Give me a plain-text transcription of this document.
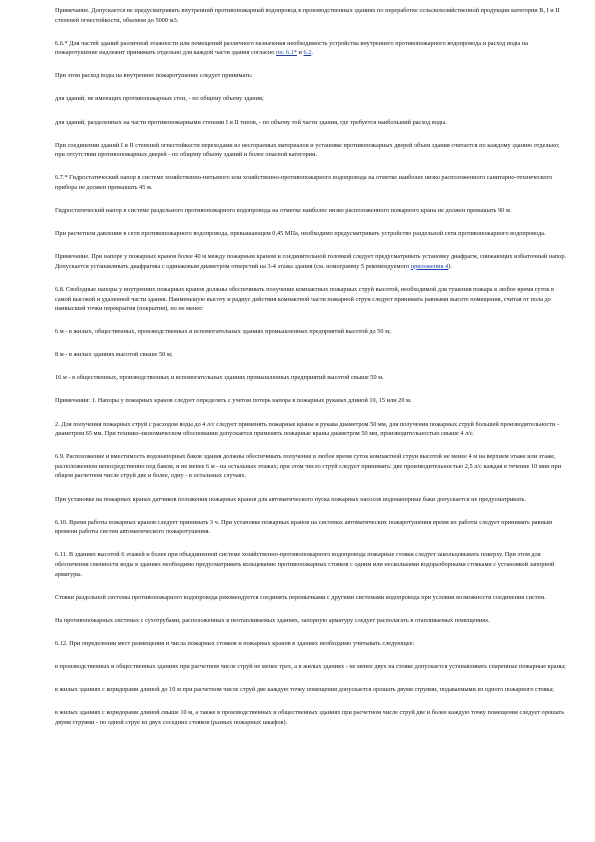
Примечание. Допускается не предусматривать внутренний противопожарный водопровод в производственных зданиях по переработке сельскохозяйственной продукции категории В, I и II степеней огнестойкости, объемом до 5000 м3.

6.6.* Для частей зданий различной этажности или помещений различного назначения необходимость устройства внутреннего противопожарного водопровода и расход воды на пожаротушение надлежит принимать отдельно для каждой части здания согласно пп. 6.1* и 6.2.

При этом расход воды на внутреннее пожаротушение следует принимать:

для зданий, не имеющих противопожарных стен, - по общему объему здания;

для зданий, разделенных на части противопожарными стенами I и II типов, - по объему той части здания, где требуется наибольший расход воды.

При соединении зданий I и II степеней огнестойкости переходами из несгораемых материалов и установке противопожарных дверей объем здания считается по каждому зданию отдельно; при отсутствии противопожарных дверей - по общему объему зданий и более опасной категории.

6.7.* Гидростатический напор в системе хозяйственно-питьевого или хозяйственно-противопожарного водопровода на отметке наиболее низко расположенного санитарно-технического прибора не должен превышать 45 м.

Гидростатический напор в системе раздельного противопожарного водопровода на отметке наиболее низко расположенного пожарного крана не должен превышать 90 м.

При расчетном давлении в сети противопожарного водопровода, превышающем 0,45 МПа, необходимо предусматривать устройство раздельной сети противопожарного водопровода.

Примечание. При напоре у пожарных кранов более 40 м между пожарным краном и соединительной головкой следует предусматривать установку диафрагм, снижающих избыточный напор. Допускается устанавливать диафрагмы с одинаковым диаметром отверстий на 3-4 этажа здания (см. номограмму 5 рекомендуемого приложения 4).

6.8. Свободные напоры у внутренних пожарных кранов должны обеспечивать получение компактных пожарных струй высотой, необходимой для тушения пожара в любое время суток в самой высокой и удаленной части здания. Наименьшую высоту и радиус действия компактной части пожарной струи следует принимать равными высоте помещения, считая от пола до наивысшей точки перекрытия (покрытия), но не менее:

6 м - в жилых, общественных, производственных и вспомогательных зданиях промышленных предприятий высотой до 50 м;

8 м - в жилых зданиях высотой свыше 50 м;

16 м - в общественных, производственных и вспомогательных зданиях промышленных предприятий высотой свыше 50 м.

Примечания: 1. Напоры у пожарных кранов следует определять с учетом потерь напора в пожарных рукавах длиной 10, 15 или 20 м.

2. Для получения пожарных струй с расходом воды до 4 л/с следует применять пожарные краны и рукава диаметром 50 мм, для получения пожарных струй большей производительности - диаметром 65 мм. При технико-экономическом обосновании допускается применять пожарные краны диаметром 50 мм, производительностью свыше 4 л/с.

6.9. Расположение и вместимость водонапорных баков здания должны обеспечивать получение в любое время суток компактной струи высотой не менее 4 м на верхнем этаже или этаже, расположенном непосредственно под баком, и не менее 6 м - на остальных этажах; при этом число струй следует принимать: две производительностью 2,5 л/с каждая в течение 10 мин при общем расчетном числе струй две и более, одну - в остальных случаях.

При установке на пожарных кранах датчиков положения пожарных кранов для автоматического пуска пожарных насосов водонапорные баки допускается не предусматривать.

6.10. Время работы пожарных кранов следует принимать 3 ч. При установке пожарных кранов на системах автоматических пожаротушения время их работы следует принимать равным времени работы систем автоматического пожаротушения.

6.11. В зданиях высотой 6 этажей и более при объединенной системе хозяйственно-противопожарного водопровода пожарные стояки следует закольцовывать поверху. При этом для обеспечения сменности воды в зданиях необходимо предусматривать кольцевание противопожарных стояков с одним или несколькими водоразборными стояками с установкой запорной арматуры.

Стояки раздельной системы противопожарного водопровода рекомендуется соединять перемычками с другими системами водопровода при условии возможности соединения систем.

На противопожарных системах с сухотрубами, расположенных в неотапливаемых зданиях, запорную арматуру следует располагать в отапливаемых помещениях.

6.12. При определении мест размещения и числа пожарных стояков и пожарных кранов в зданиях необходимо учитывать следующее:

в производственных и общественных зданиях при расчетном числе струй не менее трех, а в жилых зданиях - не менее двух на стояке допускается устанавливать спаренные пожарные краны;

в жилых зданиях с коридорами длиной до 10 м при расчетном числе струй две каждую точку помещения допускается орошать двумя струями, подаваемыми из одного пожарного стояка;

в жилых зданиях с коридорами длиной свыше 10 м, а также в производственных и общественных зданиях при расчетном числе струй две и более каждую точку помещения следует орошать двумя струями - по одной струе из двух соседних стояков (разных пожарных шкафов).
